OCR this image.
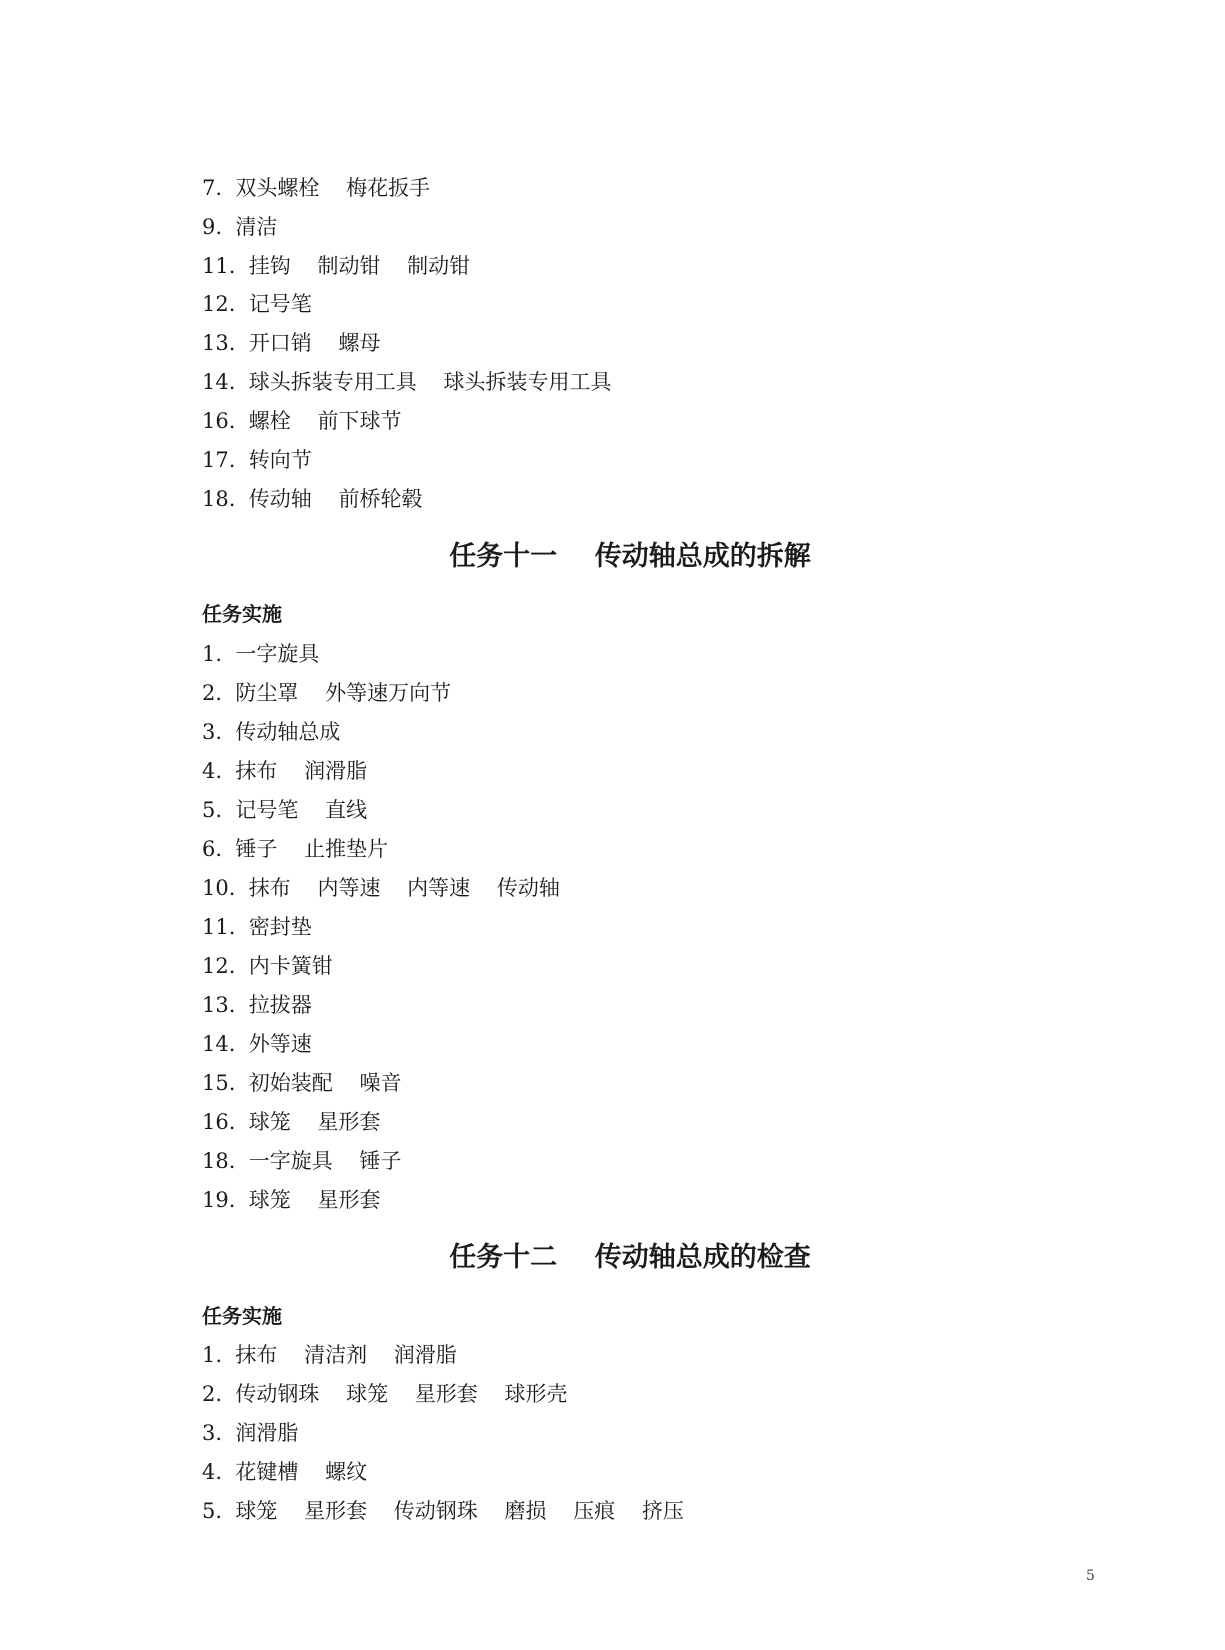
7.  双头螺栓    梅花扳手
9.  清洁
11.  挂钩    制动钳    制动钳
12.  记号笔
13.  开口销    螺母
14.  球头拆装专用工具    球头拆装专用工具
16.  螺栓    前下球节
17.  转向节
18.  传动轴    前桥轮毂
任务十一    传动轴总成的拆解
任务实施
1.  一字旋具
2.  防尘罩    外等速万向节
3.  传动轴总成
4.  抹布    润滑脂
5.  记号笔    直线
6.  锤子    止推垫片
10.  抹布    内等速    内等速    传动轴
11.  密封垫
12.  内卡簧钳
13.  拉拔器
14.  外等速
15.  初始装配    噪音
16.  球笼    星形套
18.  一字旋具    锤子
19.  球笼    星形套
任务十二    传动轴总成的检查
任务实施
1.  抹布    清洁剂    润滑脂
2.  传动钢珠    球笼    星形套    球形壳
3.  润滑脂
4.  花键槽    螺纹
5.  球笼    星形套    传动钢珠    磨损    压痕    挤压
5
